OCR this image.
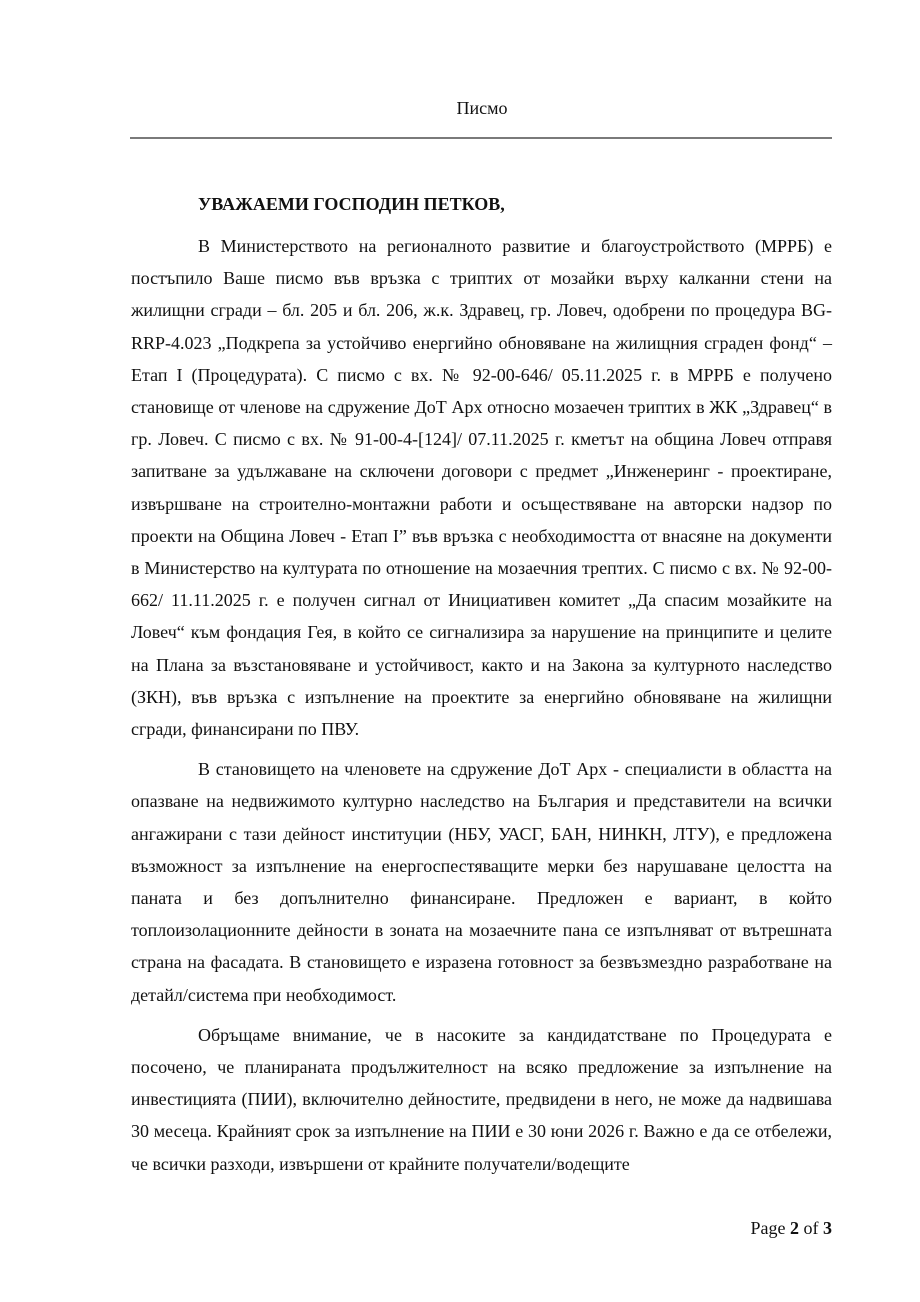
Писмо

УВАЖАЕМИ ГОСПОДИН ПЕТКОВ,

В Министерството на регионалното развитие и благоустройството (МРРБ) е постъпило Ваше писмо във връзка с триптих от мозайки върху калканни стени на жилищни сгради – бл. 205 и бл. 206, ж.к. Здравец, гр. Ловеч, одобрени по процедура BG-RRP-4.023 „Подкрепа за устойчиво енергийно обновяване на жилищния сграден фонд“ – Етап I (Процедурата). С писмо с вх. № 92-00-646/ 05.11.2025 г. в МРРБ е получено становище от членове на сдружение ДоТ Арх относно мозаечен триптих в ЖК „Здравец“ в гр. Ловеч. С писмо с вх. № 91-00-4-[124]/ 07.11.2025 г. кметът на община Ловеч отправя запитване за удължаване на сключени договори с предмет „Инженеринг - проектиране, извършване на строително-монтажни работи и осъществяване на авторски надзор по проекти на Община Ловеч - Етап I” във връзка с необходимостта от внасяне на документи в Министерство на културата по отношение на мозаечния трептих. С писмо с вх. № 92-00-662/ 11.11.2025 г. е получен сигнал от Инициативен комитет „Да спасим мозайките на Ловеч“ към фондация Гея, в който се сигнализира за нарушение на принципите и целите на Плана за възстановяване и устойчивост, както и на Закона за културното наследство (ЗКН), във връзка с изпълнение на проектите за енергийно обновяване на жилищни сгради, финансирани по ПВУ.

В становището на членовете на сдружение ДоТ Арх - специалисти в областта на опазване на недвижимото културно наследство на България и представители на всички ангажирани с тази дейност институции (НБУ, УАСГ, БАН, НИНКН, ЛТУ), е предложена възможност за изпълнение на енергоспестяващите мерки без нарушаване целостта на паната и без допълнително финансиране. Предложен е вариант, в който топлоизолационните дейности в зоната на мозаечните пана се изпълняват от вътрешната страна на фасадата. В становището е изразена готовност за безвъзмездно разработване на детайл/система при необходимост.

Обръщаме внимание, че в насоките за кандидатстване по Процедурата е посочено, че планираната продължителност на всяко предложение за изпълнение на инвестицията (ПИИ), включително дейностите, предвидени в него, не може да надвишава 30 месеца. Крайният срок за изпълнение на ПИИ е 30 юни 2026 г. Важно е да се отбележи, че всички разходи, извършени от крайните получатели/водещите

Page 2 of 3
